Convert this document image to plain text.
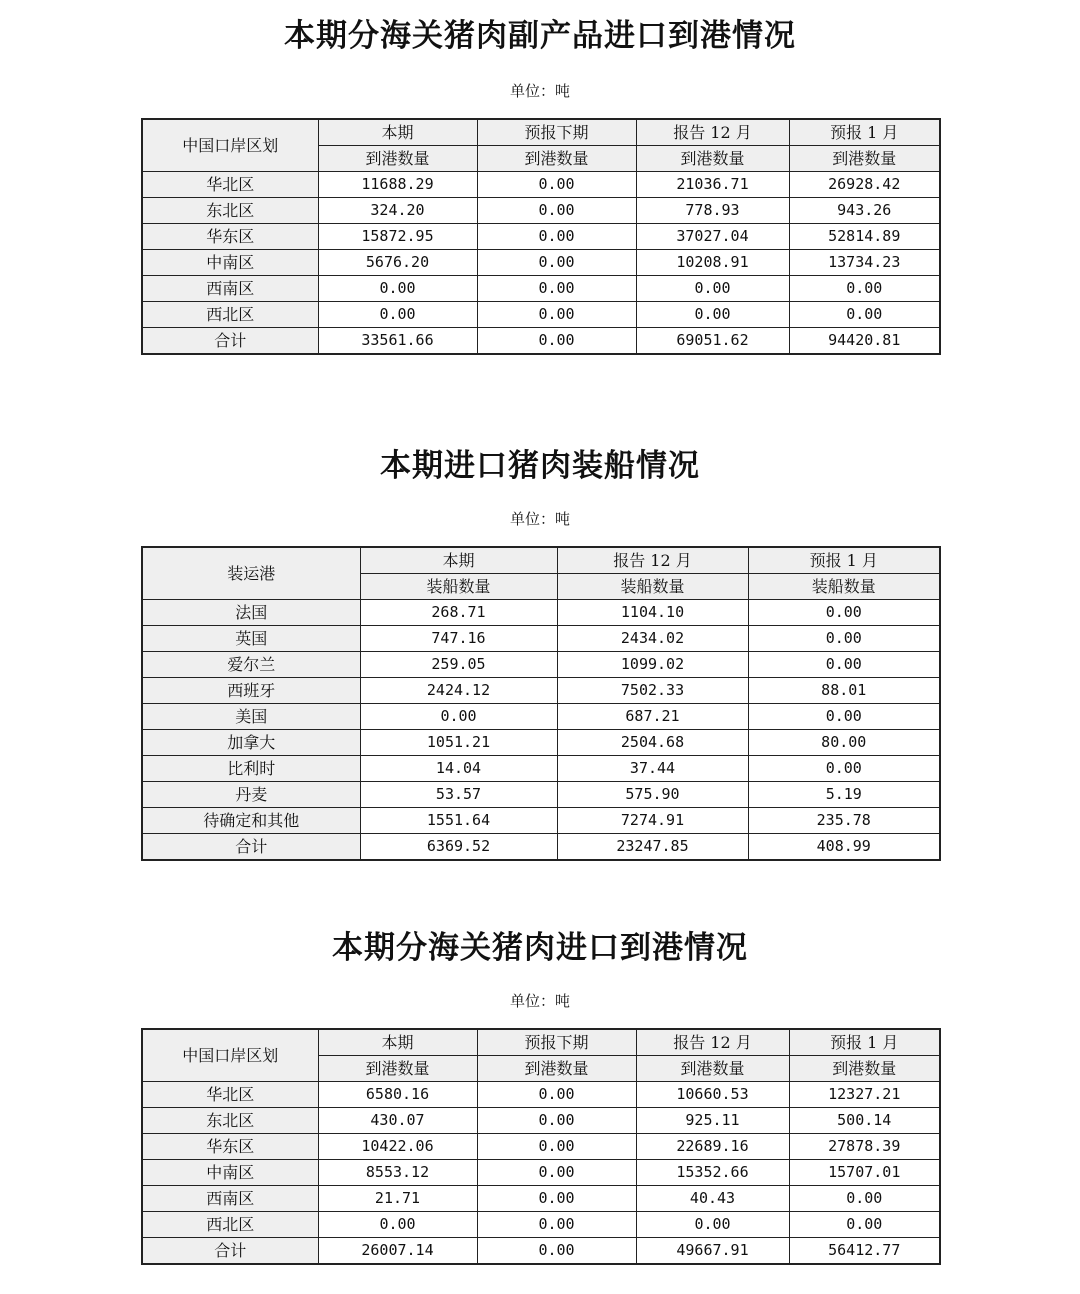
本期分海关猪肉副产品进口到港情况
单位：吨
中国口岸区划	本期	预报下期	报告 12 月	预报 1 月
	到港数量	到港数量	到港数量	到港数量
华北区	11688.29	0.00	21036.71	26928.42
东北区	324.20	0.00	778.93	943.26
华东区	15872.95	0.00	37027.04	52814.89
中南区	5676.20	0.00	10208.91	13734.23
西南区	0.00	0.00	0.00	0.00
西北区	0.00	0.00	0.00	0.00
合计	33561.66	0.00	69051.62	94420.81
本期进口猪肉装船情况
单位：吨
装运港	本期	报告 12 月	预报 1 月
	装船数量	装船数量	装船数量
法国	268.71	1104.10	0.00
英国	747.16	2434.02	0.00
爱尔兰	259.05	1099.02	0.00
西班牙	2424.12	7502.33	88.01
美国	0.00	687.21	0.00
加拿大	1051.21	2504.68	80.00
比利时	14.04	37.44	0.00
丹麦	53.57	575.90	5.19
待确定和其他	1551.64	7274.91	235.78
合计	6369.52	23247.85	408.99
本期分海关猪肉进口到港情况
单位：吨
中国口岸区划	本期	预报下期	报告 12 月	预报 1 月
	到港数量	到港数量	到港数量	到港数量
华北区	6580.16	0.00	10660.53	12327.21
东北区	430.07	0.00	925.11	500.14
华东区	10422.06	0.00	22689.16	27878.39
中南区	8553.12	0.00	15352.66	15707.01
西南区	21.71	0.00	40.43	0.00
西北区	0.00	0.00	0.00	0.00
合计	26007.14	0.00	49667.91	56412.77
